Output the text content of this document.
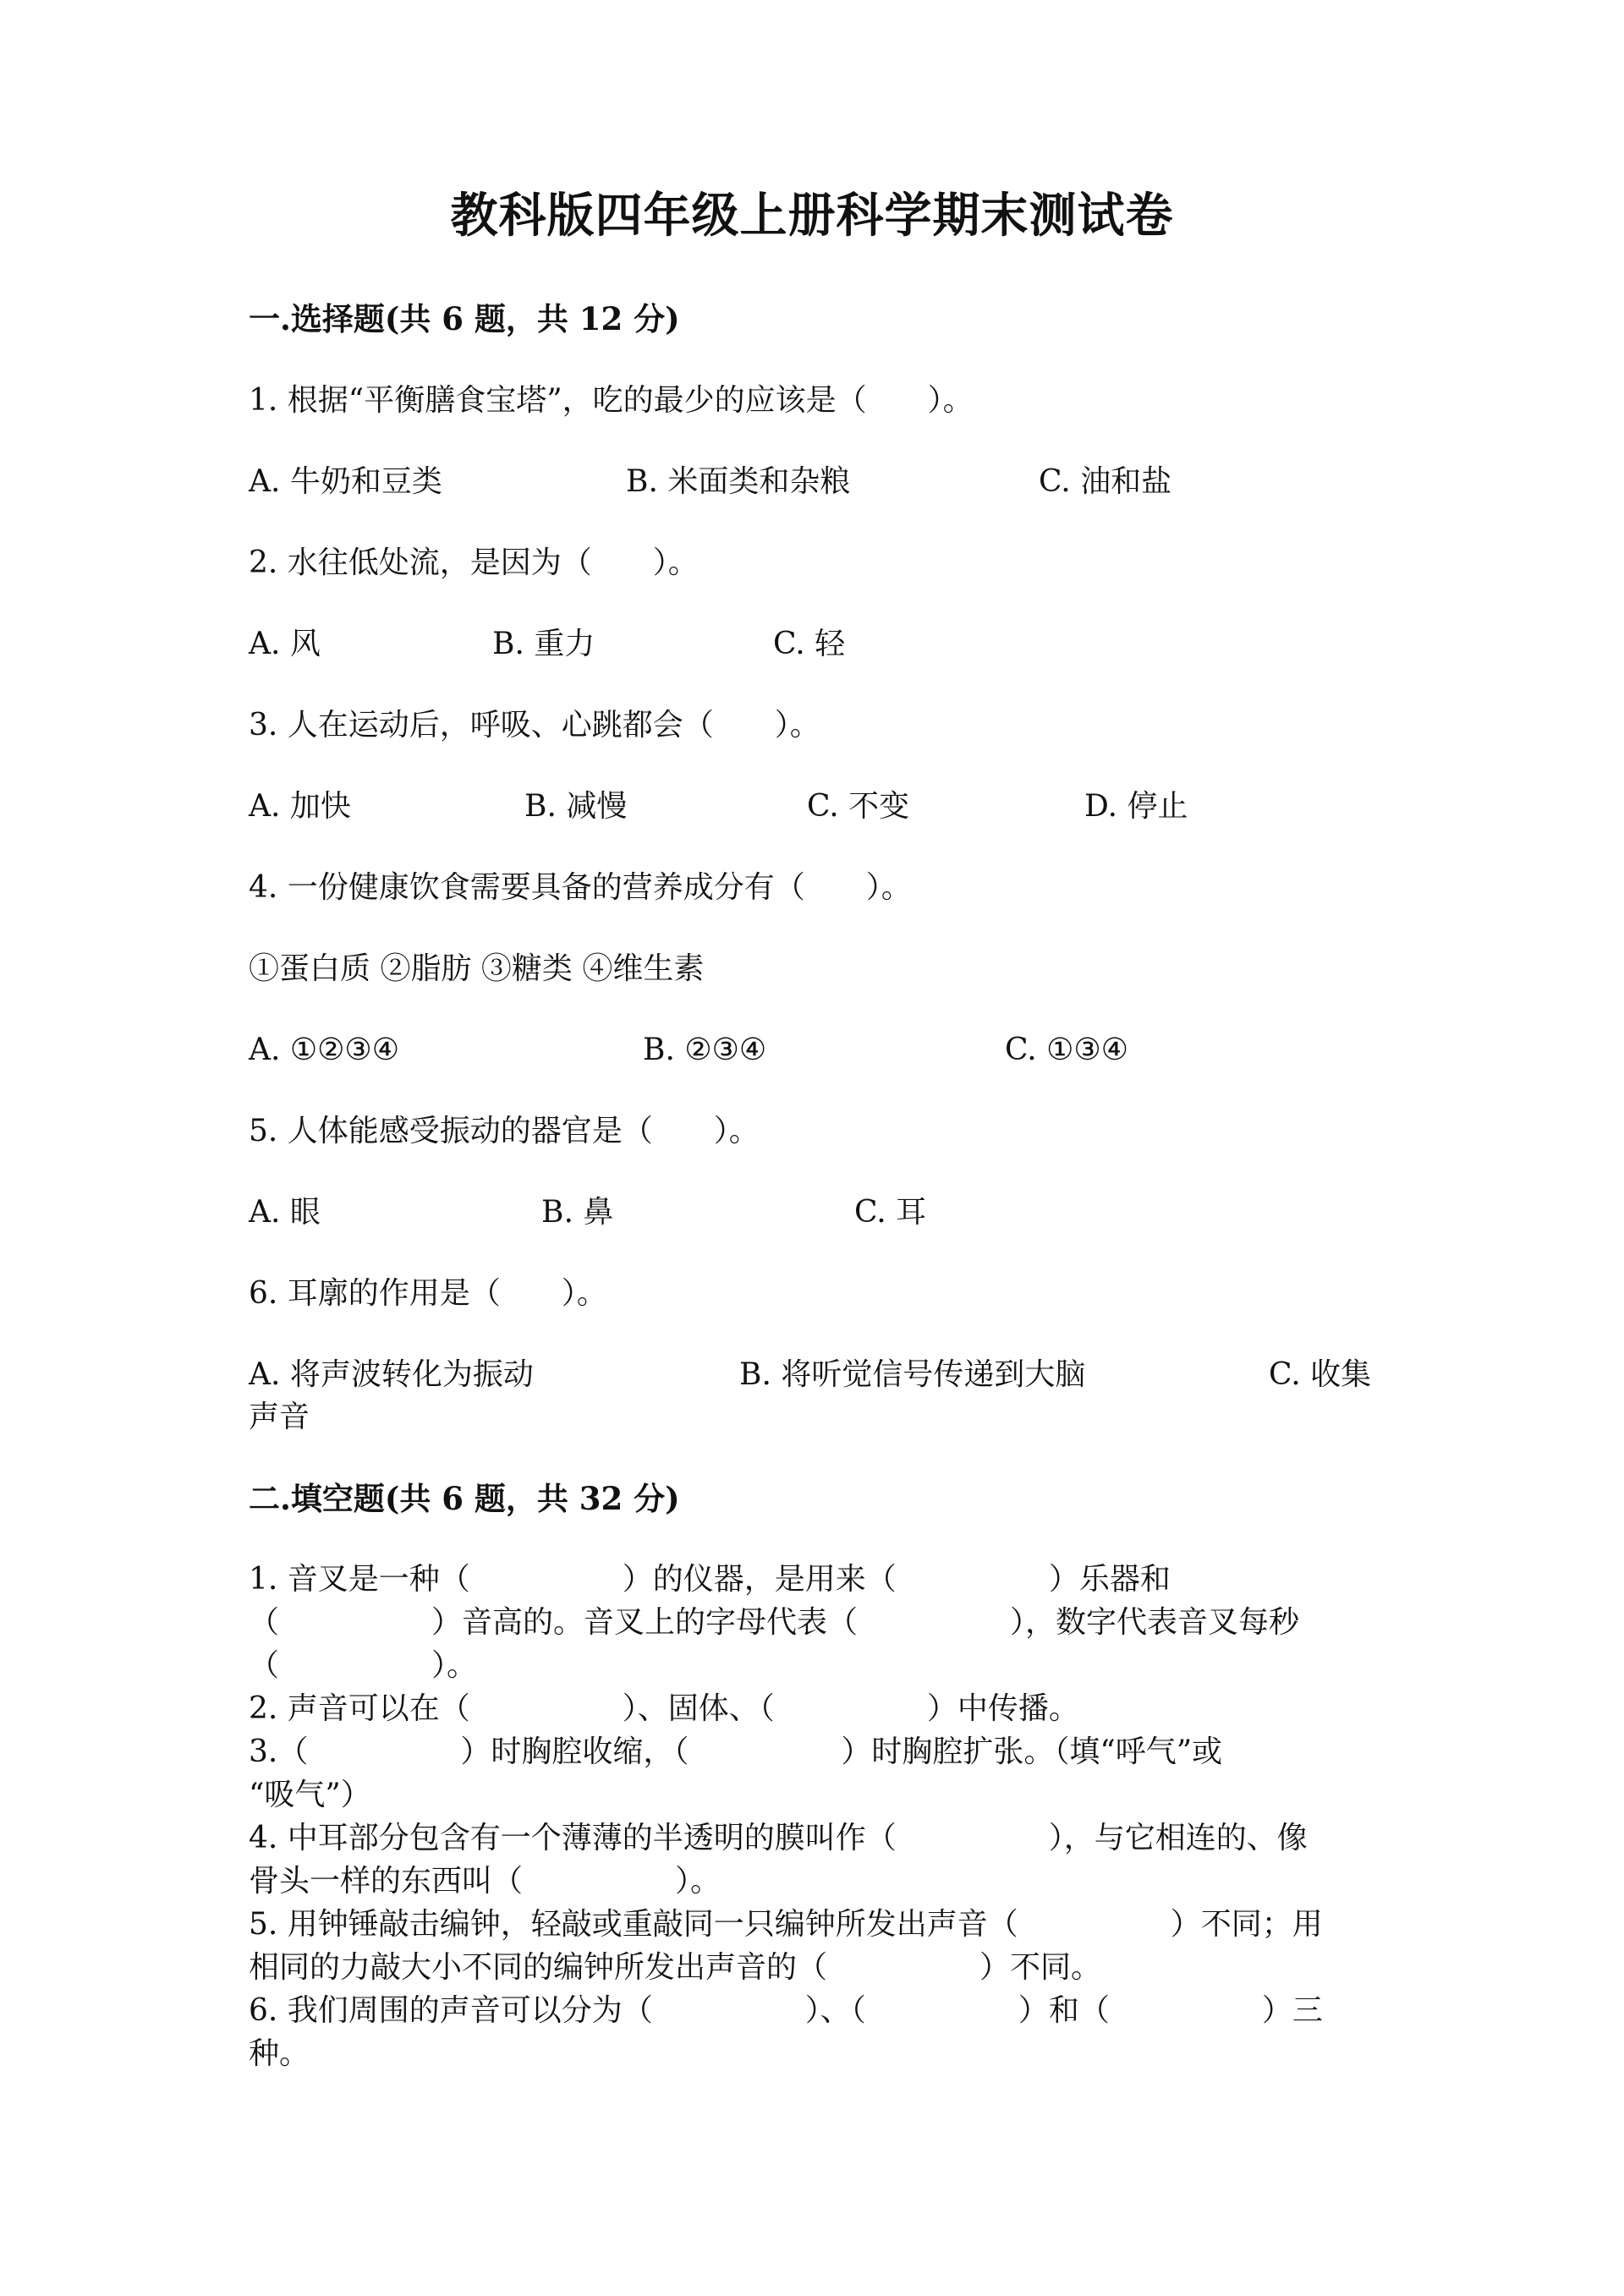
教科版四年级上册科学期末测试卷
一.选择题(共 6 题，共 12 分)
1. 根据“平衡膳食宝塔”，吃的最少的应该是（　　）。
A. 牛奶和豆类	B. 米面类和杂粮	C. 油和盐
2. 水往低处流，是因为（　　）。
A. 风	B. 重力	C. 轻
3. 人在运动后，呼吸、心跳都会（　　）。
A. 加快	B. 减慢	C. 不变	D. 停止
4. 一份健康饮食需要具备的营养成分有（　　）。
①蛋白质 ②脂肪 ③糖类 ④维生素
A. ①②③④	B. ②③④	C. ①③④
5. 人体能感受振动的器官是（　　）。
A. 眼	B. 鼻	C. 耳
6. 耳廓的作用是（　　）。
A. 将声波转化为振动	B. 将听觉信号传递到大脑	C. 收集
声音
二.填空题(共 6 题，共 32 分)
1. 音叉是一种（	）的仪器，是用来（	）乐器和
（	）音高的。音叉上的字母代表（	），数字代表音叉每秒
（	）。
2. 声音可以在（	）、固体、（	）中传播。
3.（	）时胸腔收缩，（	）时胸腔扩张。（填“呼气”或
“吸气”）
4. 中耳部分包含有一个薄薄的半透明的膜叫作（	），与它相连的、像
骨头一样的东西叫（	）。
5. 用钟锤敲击编钟，轻敲或重敲同一只编钟所发出声音（	）不同；用
相同的力敲大小不同的编钟所发出声音的（	）不同。
6. 我们周围的声音可以分为（	）、（	）和（	）三
种。
